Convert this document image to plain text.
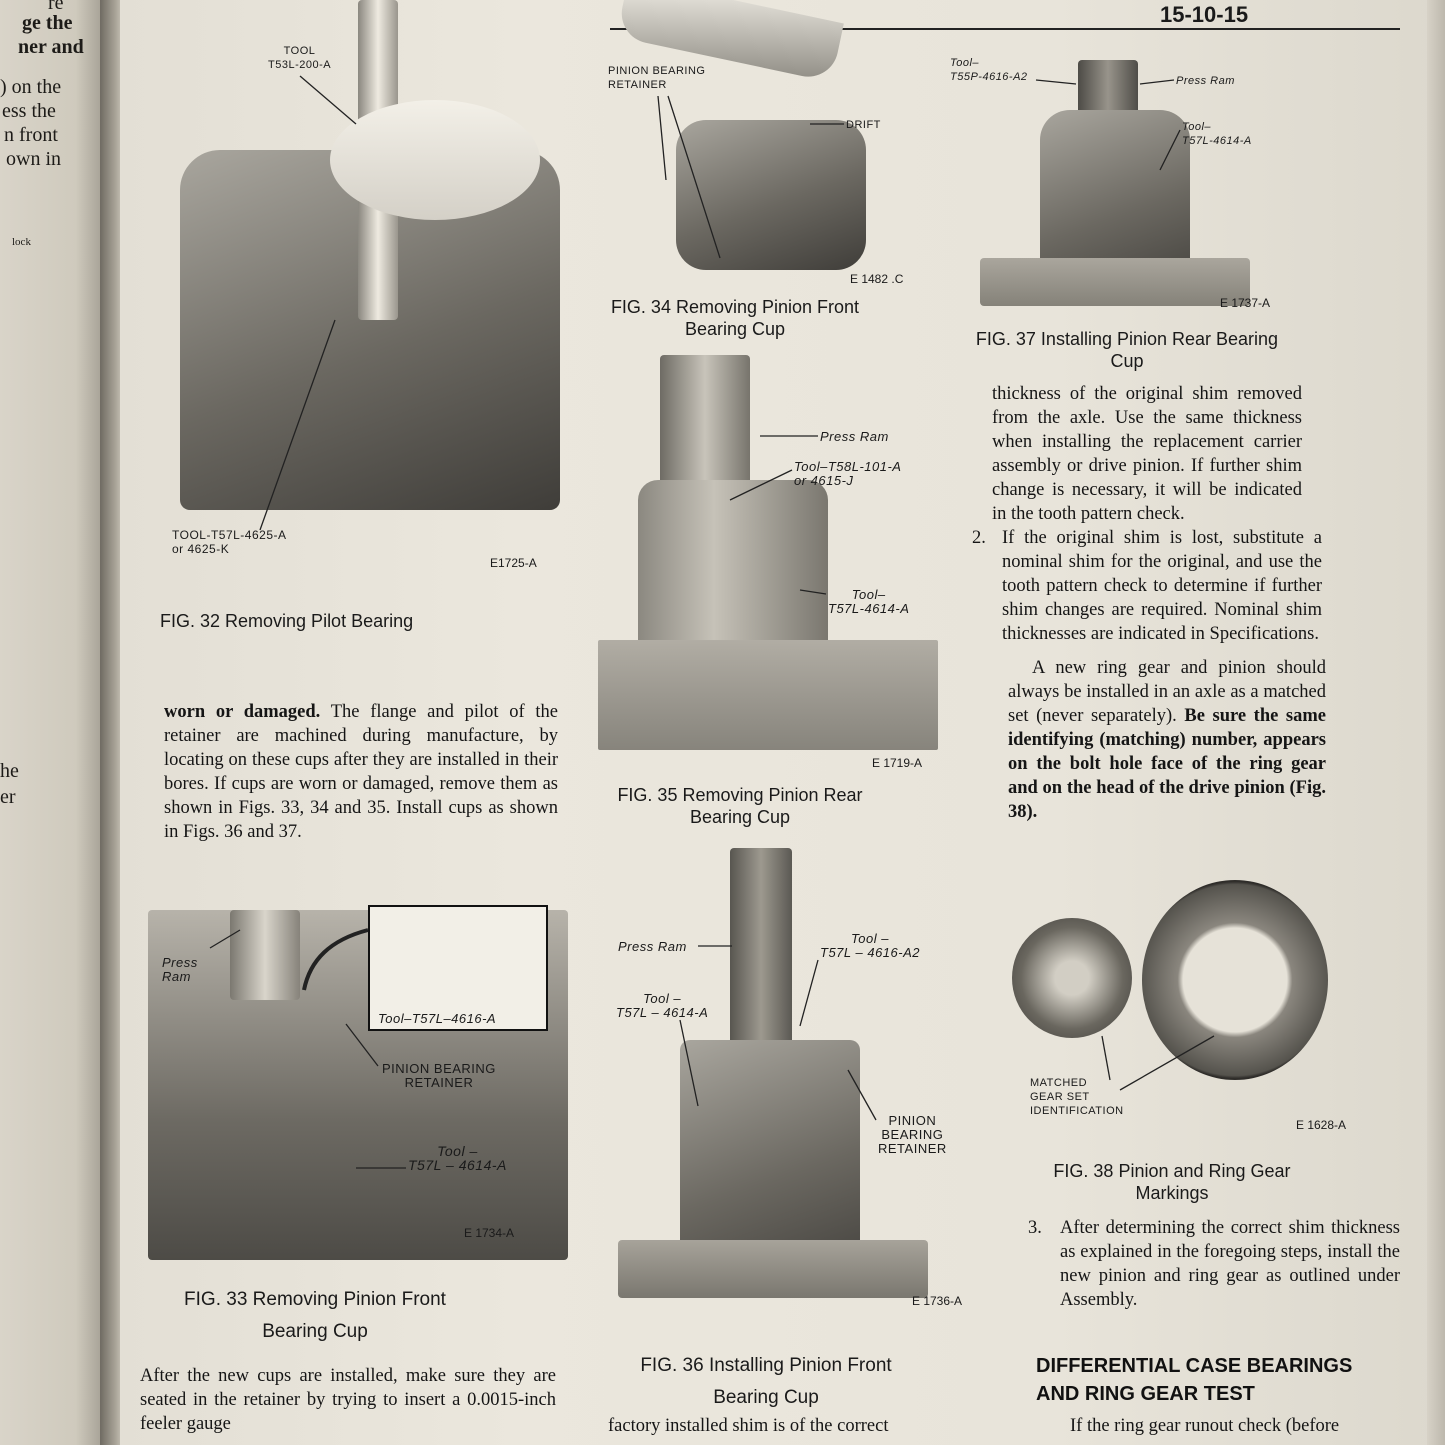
re
ge the
ner and
) on the
ess the
n front
own in
lock
he
er
15-10-15
TOOL
T53L-200-A
TOOL-T57L-4625-A
or 4625-K
E1725-A
FIG. 32 Removing Pilot Bearing
worn or damaged. The flange and pilot of the retainer are machined during manufacture, by locating on these cups after they are installed in their bores. If cups are worn or damaged, remove them as shown in Figs. 33, 34 and 35. Install cups as shown in Figs. 36 and 37.
Tool–T57L–4616-A
Press
Ram
PINION BEARING
RETAINER
Tool –
T57L – 4614-A
E 1734-A
FIG. 33 Removing Pinion Front
Bearing Cup
After the new cups are installed, make sure they are seated in the retainer by trying to insert a 0.0015-inch feeler gauge
PINION BEARING
RETAINER
DRIFT
E 1482 .C
FIG. 34 Removing Pinion Front
Bearing Cup
Press Ram
Tool–T58L-101-A
or 4615-J
Tool–
T57L-4614-A
E 1719-A
FIG. 35 Removing Pinion Rear
Bearing Cup
Press Ram
Tool –
T57L – 4616-A2
Tool –
T57L – 4614-A
PINION
BEARING
RETAINER
E 1736-A
FIG. 36 Installing Pinion Front
Bearing Cup
factory installed shim is of the correct
Tool–
T55P-4616-A2	Press Ram
Tool–
T57L-4614-A
E 1737-A
FIG. 37 Installing Pinion Rear Bearing
Cup
thickness of the original shim removed from the axle. Use the same thickness when installing the replacement carrier assembly or drive pinion. If further shim change is necessary, it will be indicated in the tooth pattern check.
2. If the original shim is lost, substitute a nominal shim for the original, and use the tooth pattern check to determine if further shim changes are required. Nominal shim thicknesses are indicated in Specifications.
A new ring gear and pinion should always be installed in an axle as a matched set (never separately). Be sure the same identifying (matching) number, appears on the bolt hole face of the ring gear and on the head of the drive pinion (Fig. 38).
MATCHED
GEAR SET
IDENTIFICATION
E 1628-A
FIG. 38 Pinion and Ring Gear
Markings
3. After determining the correct shim thickness as explained in the foregoing steps, install the new pinion and ring gear as outlined under Assembly.
DIFFERENTIAL CASE BEARINGS
AND RING GEAR TEST
If the ring gear runout check (before
